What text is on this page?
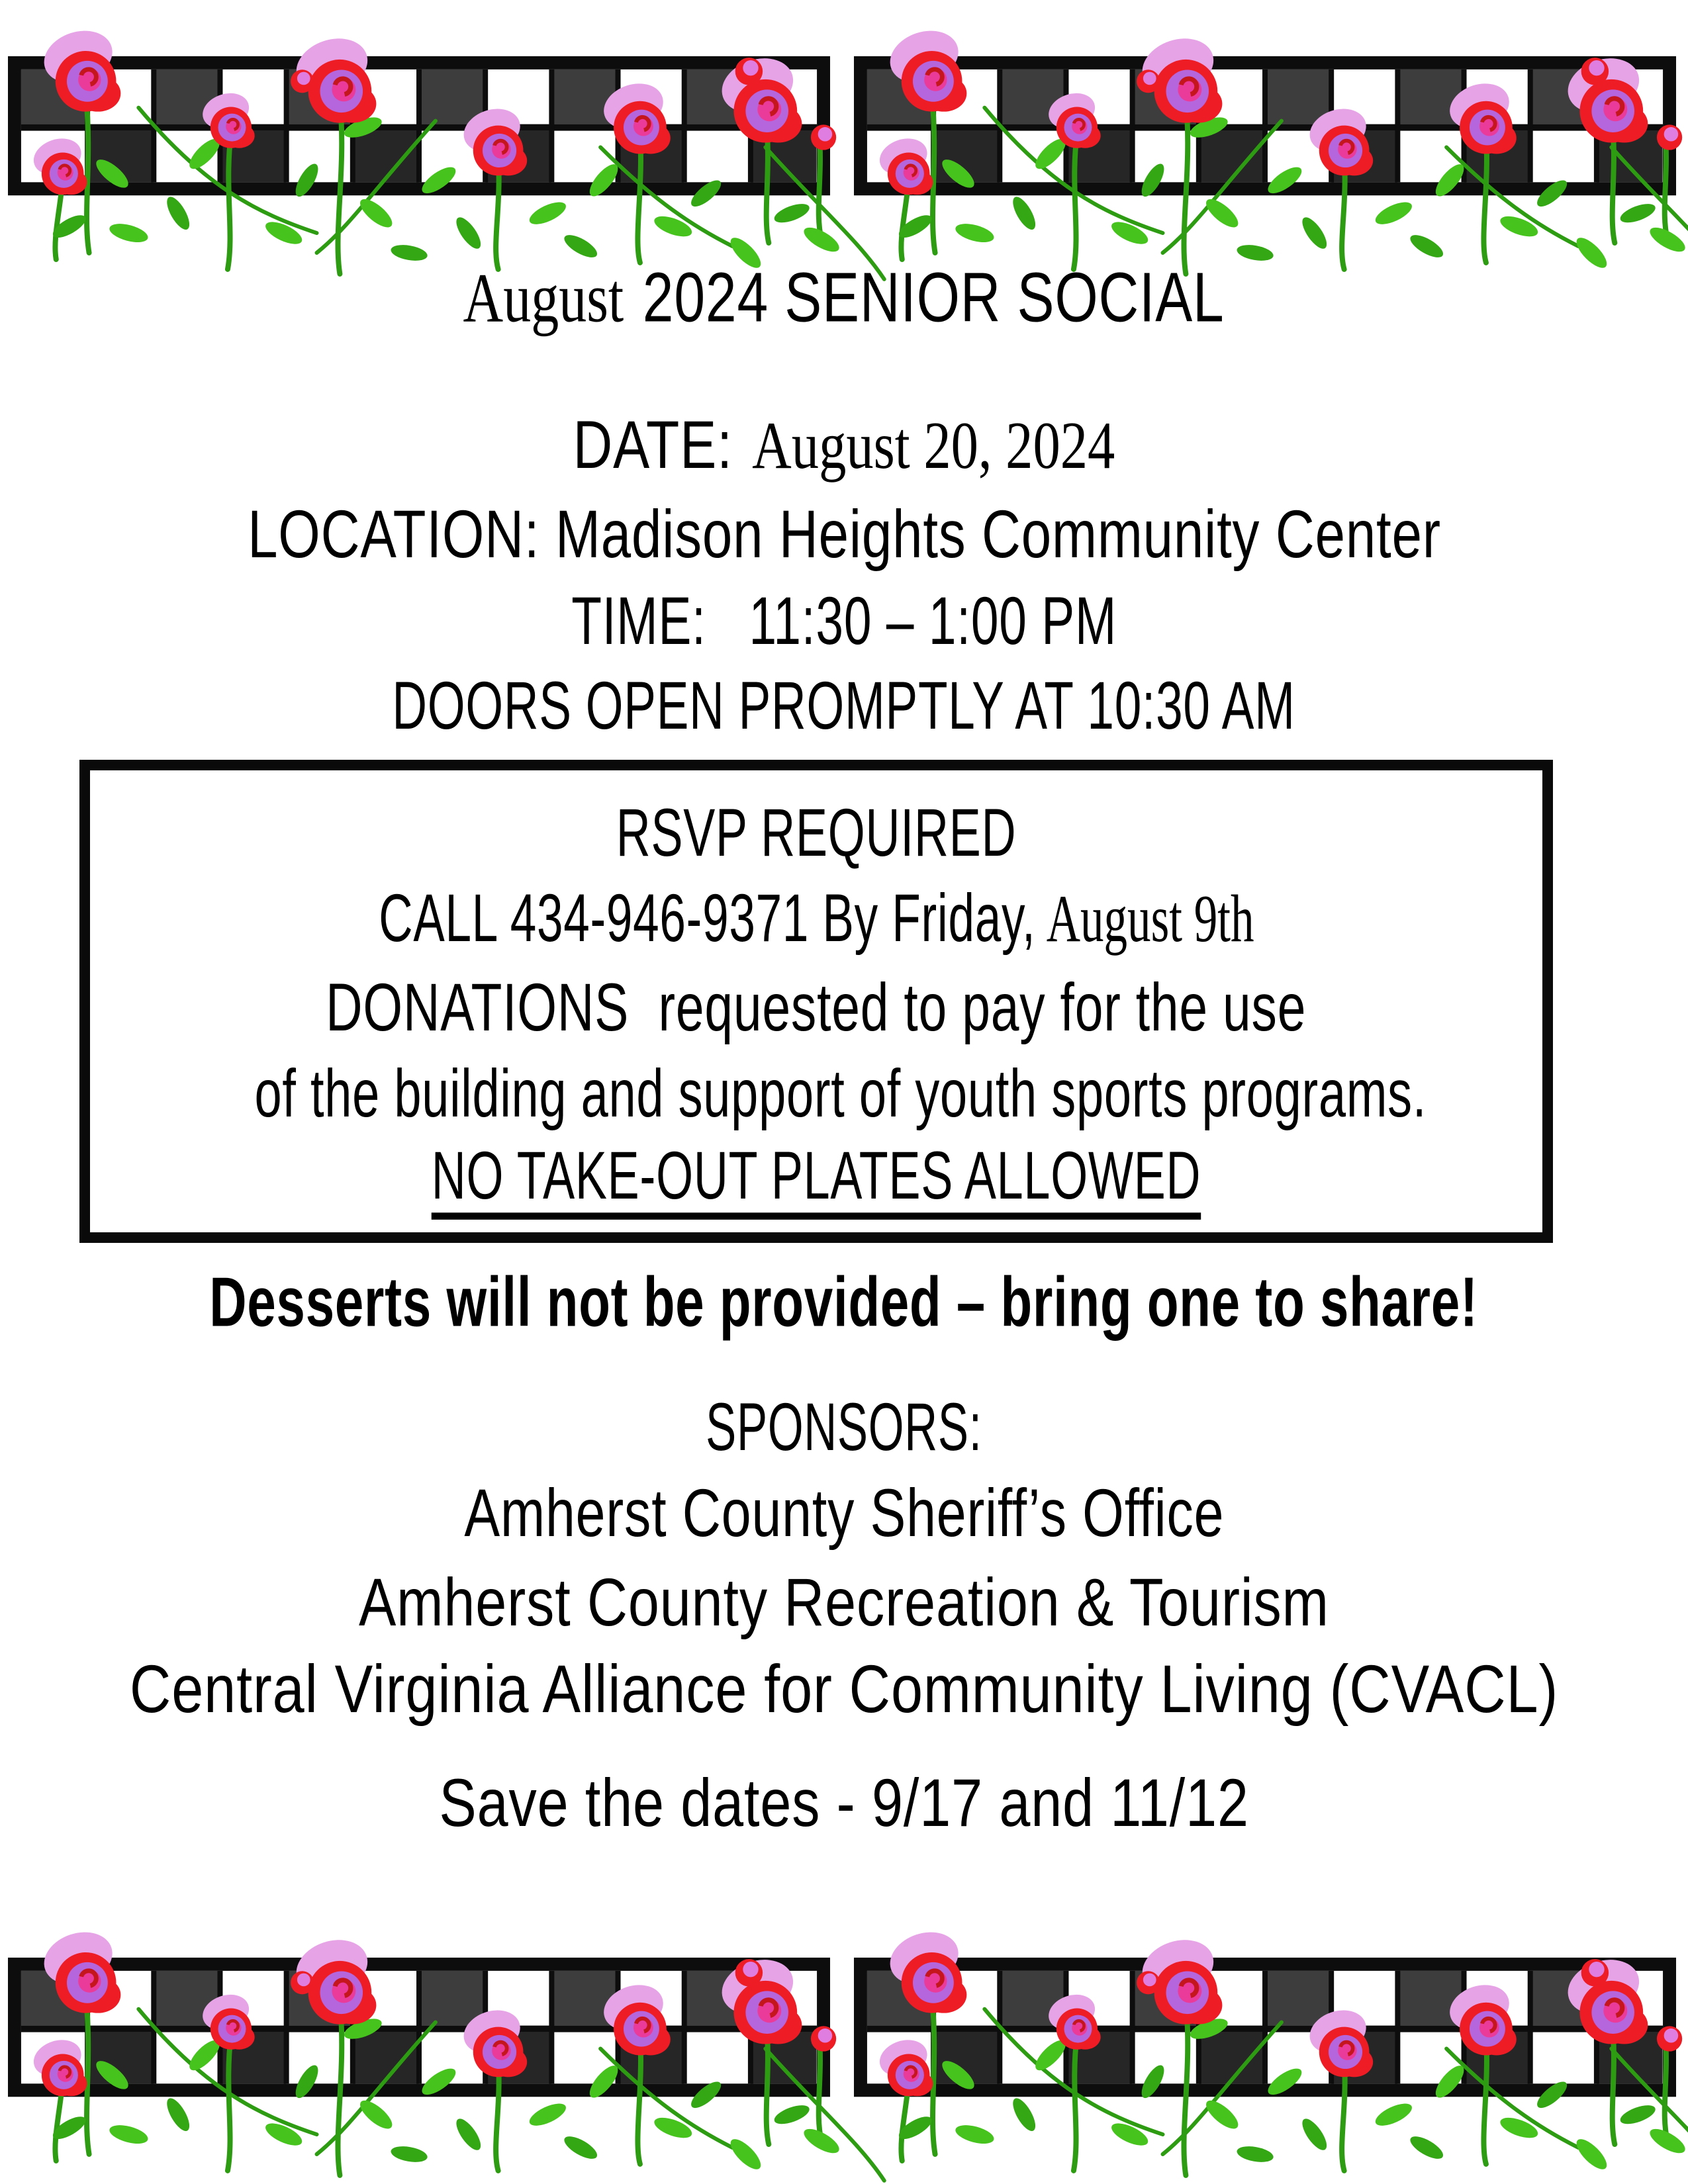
August 2024 SENIOR SOCIAL
DATE: August 20, 2024
LOCATION: Madison Heights Community Center
TIME:   11:30 – 1:00 PM
DOORS OPEN PROMPTLY AT 10:30 AM
RSVP REQUIRED
CALL 434-946-9371 By Friday, August 9th
DONATIONS  requested to pay for the use
of the building and support of youth sports programs.
NO TAKE-OUT PLATES ALLOWED
Desserts will not be provided – bring one to share!
SPONSORS:
Amherst County Sheriff’s Office
Amherst County Recreation & Tourism
Central Virginia Alliance for Community Living (CVACL)
Save the dates - 9/17 and 11/12
